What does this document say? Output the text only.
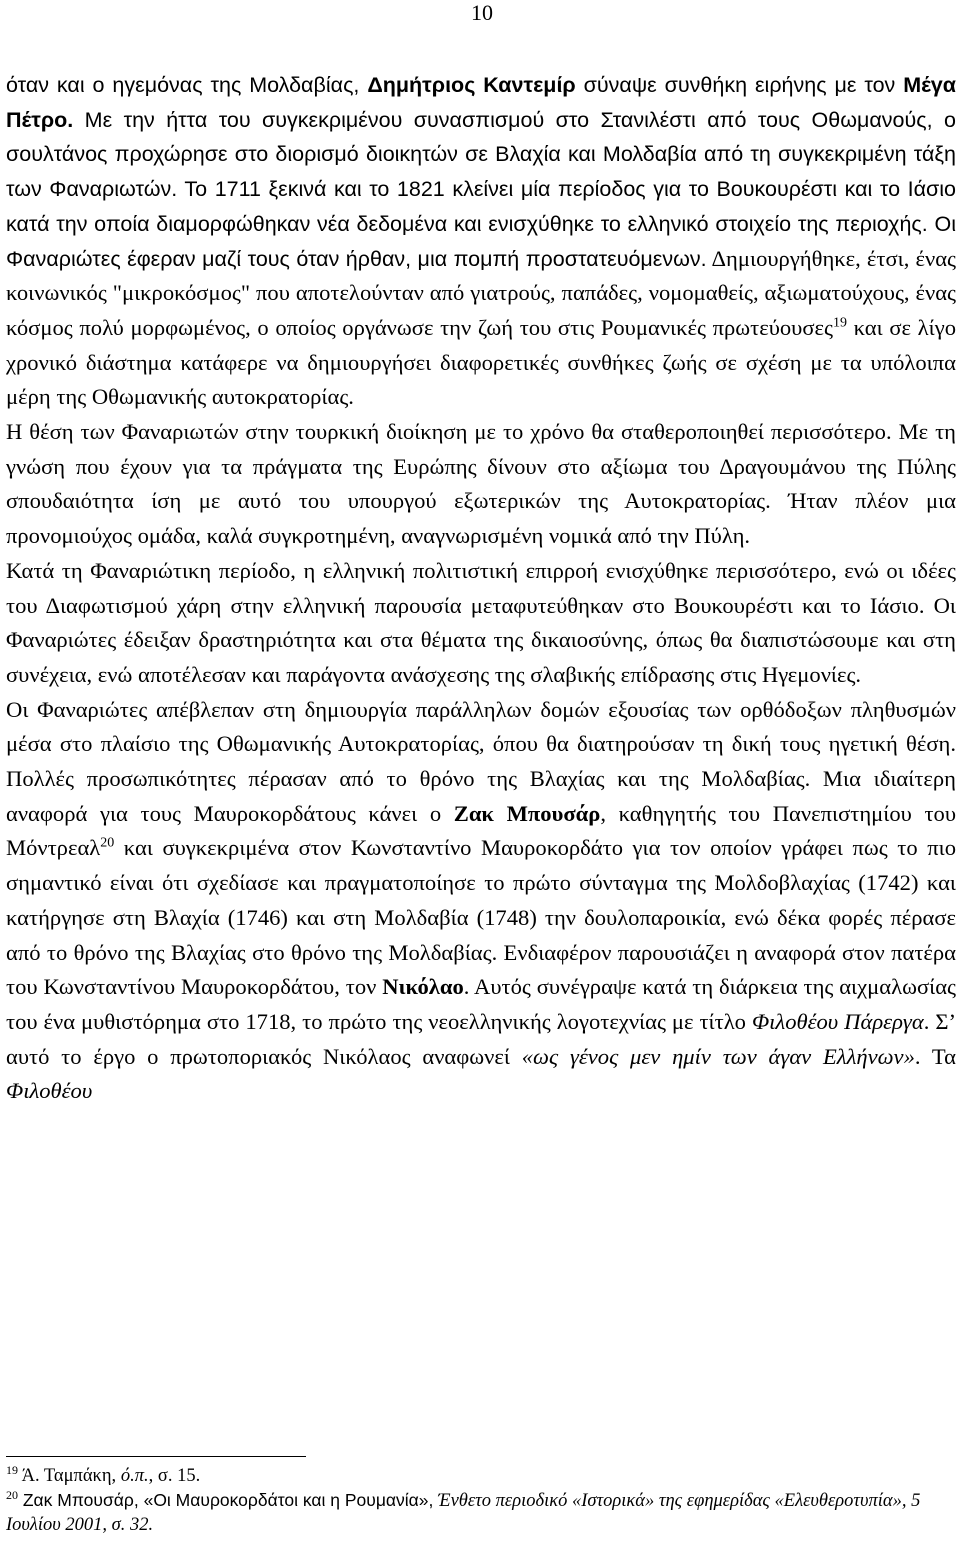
10

όταν και ο ηγεμόνας της Μολδαβίας, Δημήτριος Καντεμίρ σύναψε συνθήκη ειρήνης με τον Μέγα Πέτρο. Με την ήττα του συγκεκριμένου συνασπισμού στο Στανιλέστι από τους Οθωμανούς, ο σουλτάνος προχώρησε στο διορισμό διοικητών σε Βλαχία και Μολδαβία από τη συγκεκριμένη τάξη των Φαναριωτών. Το 1711 ξεκινά και το 1821 κλείνει μία περίοδος για το Βουκουρέστι και το Ιάσιο κατά την οποία διαμορφώθηκαν νέα δεδομένα και ενισχύθηκε το ελληνικό στοιχείο της περιοχής. Οι Φαναριώτες έφεραν μαζί τους όταν ήρθαν, μια πομπή προστατευόμενων. Δημιουργήθηκε, έτσι, ένας κοινωνικός "μικροκόσμος" που αποτελούνταν από γιατρούς, παπάδες, νομομαθείς, αξιωματούχους, ένας κόσμος πολύ μορφωμένος, ο οποίος οργάνωσε την ζωή του στις Ρουμανικές πρωτεύουσες$^{19}$ και σε λίγο χρονικό διάστημα κατάφερε να δημιουργήσει διαφορετικές συνθήκες ζωής σε σχέση με τα υπόλοιπα μέρη της Οθωμανικής αυτοκρατορίας.

Η θέση των Φαναριωτών στην τουρκική διοίκηση με το χρόνο θα σταθεροποιηθεί περισσότερο. Με τη γνώση που έχουν για τα πράγματα της Ευρώπης δίνουν στο αξίωμα του Δραγουμάνου της Πύλης σπουδαιότητα ίση με αυτό του υπουργού εξωτερικών της Αυτοκρατορίας. Ήταν πλέον μια προνομιούχος ομάδα, καλά συγκροτημένη, αναγνωρισμένη νομικά από την Πύλη.

Κατά τη Φαναριώτικη περίοδο, η ελληνική πολιτιστική επιρροή ενισχύθηκε περισσότερο, ενώ οι ιδέες του Διαφωτισμού χάρη στην ελληνική παρουσία μεταφυτεύθηκαν στο Βουκουρέστι και το Ιάσιο. Οι Φαναριώτες έδειξαν δραστηριότητα και στα θέματα της δικαιοσύνης, όπως θα διαπιστώσουμε και στη συνέχεια, ενώ αποτέλεσαν και παράγοντα ανάσχεσης της σλαβικής επίδρασης στις Ηγεμονίες.

Οι Φαναριώτες απέβλεπαν στη δημιουργία παράλληλων δομών εξουσίας των ορθόδοξων πληθυσμών μέσα στο πλαίσιο της Οθωμανικής Αυτοκρατορίας, όπου θα διατηρούσαν τη δική τους ηγετική θέση. Πολλές προσωπικότητες πέρασαν από το θρόνο της Βλαχίας και της Μολδαβίας. Μια ιδιαίτερη αναφορά για τους Μαυροκορδάτους κάνει ο Ζακ Μπουσάρ, καθηγητής του Πανεπιστημίου του Μόντρεαλ$^{20}$ και συγκεκριμένα στον Κωνσταντίνο Μαυροκορδάτο για τον οποίον γράφει πως το πιο σημαντικό είναι ότι σχεδίασε και πραγματοποίησε το πρώτο σύνταγμα της Μολδοβλαχίας (1742) και κατήργησε στη Βλαχία (1746) και στη Μολδαβία (1748) την δουλοπαροικία, ενώ δέκα φορές πέρασε από το θρόνο της Βλαχίας στο θρόνο της Μολδαβίας. Ενδιαφέρον παρουσιάζει η αναφορά στον πατέρα του Κωνσταντίνου Μαυροκορδάτου, τον Νικόλαο. Αυτός συνέγραψε κατά τη διάρκεια της αιχμαλωσίας του ένα μυθιστόρημα στο 1718, το πρώτο της νεοελληνικής λογοτεχνίας με τίτλο Φιλοθέου Πάρεργα. Σ’ αυτό το έργο ο πρωτοποριακός Νικόλαος αναφωνεί «ως γένος μεν ημίν των άγαν Ελλήνων». Τα Φιλοθέου

$^{19}$ Ά. Ταμπάκη, ό.π., σ. 15.

$^{20}$ Ζακ Μπουσάρ, «Οι Μαυροκορδάτοι και η Ρουμανία», Ένθετο περιοδικό «Ιστορικά» της εφημερίδας «Ελευθεροτυπία», 5 Ιουλίου 2001, σ. 32.
